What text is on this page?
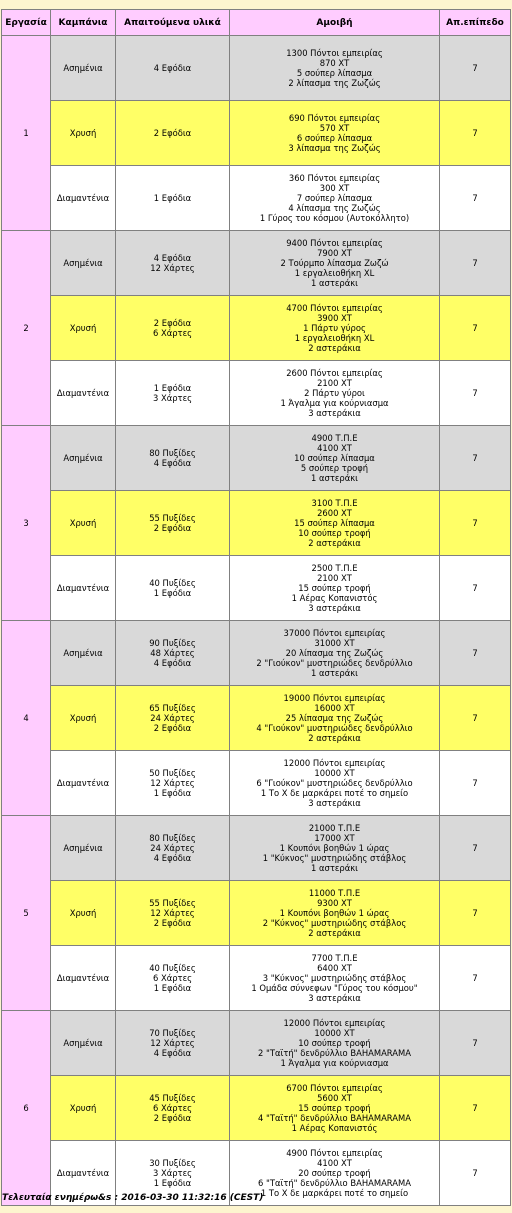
Εργασία	Καμπάνια	Απαιτούμενα υλικά	Αμοιβή	Απ.επίπεδο
1	Ασημένια	4 Εφόδια	1300 Πόντοι εμπειρίας
870 ΧΤ
5 σούπερ λίπασμα
2 λίπασμα της Ζωζώς	7
	Χρυσή	2 Εφόδια	690 Πόντοι εμπειρίας
570 ΧΤ
6 σούπερ λίπασμα
3 λίπασμα της Ζωζώς	7
	Διαμαντένια	1 Εφόδια	360 Πόντοι εμπειρίας
300 ΧΤ
7 σούπερ λίπασμα
4 λίπασμα της Ζωζώς
1 Γύρος του κόσμου (Αυτοκόλλητο)	7
2	Ασημένια	4 Εφόδια
12 Χάρτες	9400 Πόντοι εμπειρίας
7900 ΧΤ
2 Τούρμπο λίπασμα Ζωζώ
1 εργαλειοθήκη XL
1 αστεράκι	7
	Χρυσή	2 Εφόδια
6 Χάρτες	4700 Πόντοι εμπειρίας
3900 ΧΤ
1 Πάρτυ γύρος
1 εργαλειοθήκη XL
2 αστεράκια	7
	Διαμαντένια	1 Εφόδια
3 Χάρτες	2600 Πόντοι εμπειρίας
2100 ΧΤ
2 Πάρτυ γύροι
1 Άγαλμα για κούρνιασμα
3 αστεράκια	7
3	Ασημένια	80 Πυξίδες
4 Εφόδια	4900 Τ.Π.Ε
4100 ΧΤ
10 σούπερ λίπασμα
5 σούπερ τροφή
1 αστεράκι	7
	Χρυσή	55 Πυξίδες
2 Εφόδια	3100 Τ.Π.Ε
2600 ΧΤ
15 σούπερ λίπασμα
10 σούπερ τροφή
2 αστεράκια	7
	Διαμαντένια	40 Πυξίδες
1 Εφόδια	2500 Τ.Π.Ε
2100 ΧΤ
15 σούπερ τροφή
1 Αέρας Κοπανιστός
3 αστεράκια	7
4	Ασημένια	90 Πυξίδες
48 Χάρτες
4 Εφόδια	37000 Πόντοι εμπειρίας
31000 ΧΤ
20 λίπασμα της Ζωζώς
2 "Γιούκον" μυστηριώδες δενδρύλλιο
1 αστεράκι	7
	Χρυσή	65 Πυξίδες
24 Χάρτες
2 Εφόδια	19000 Πόντοι εμπειρίας
16000 ΧΤ
25 λίπασμα της Ζωζώς
4 "Γιούκον" μυστηριώδες δενδρύλλιο
2 αστεράκια	7
	Διαμαντένια	50 Πυξίδες
12 Χάρτες
1 Εφόδια	12000 Πόντοι εμπειρίας
10000 ΧΤ
6 "Γιούκον" μυστηριώδες δενδρύλλιο
1 Το Χ δε μαρκάρει ποτέ το σημείο
3 αστεράκια	7
5	Ασημένια	80 Πυξίδες
24 Χάρτες
4 Εφόδια	21000 Τ.Π.Ε
17000 ΧΤ
1 Κουπόνι βοηθών 1 ώρας
1 "Κύκνος" μυστηριώδης στάβλος
1 αστεράκι	7
	Χρυσή	55 Πυξίδες
12 Χάρτες
2 Εφόδια	11000 Τ.Π.Ε
9300 ΧΤ
1 Κουπόνι βοηθών 1 ώρας
2 "Κύκνος" μυστηριώδης στάβλος
2 αστεράκια	7
	Διαμαντένια	40 Πυξίδες
6 Χάρτες
1 Εφόδια	7700 Τ.Π.Ε
6400 ΧΤ
3 "Κύκνος" μυστηριώδης στάβλος
1 Ομάδα σύννεφων "Γύρος του κόσμου"
3 αστεράκια	7
6	Ασημένια	70 Πυξίδες
12 Χάρτες
4 Εφόδια	12000 Πόντοι εμπειρίας
10000 ΧΤ
10 σούπερ τροφή
2 "Ταϊτή" δενδρύλλιο BAHAMARAMA
1 Άγαλμα για κούρνιασμα	7
	Χρυσή	45 Πυξίδες
6 Χάρτες
2 Εφόδια	6700 Πόντοι εμπειρίας
5600 ΧΤ
15 σούπερ τροφή
4 "Ταϊτή" δενδρύλλιο BAHAMARAMA
1 Αέρας Κοπανιστός	7
	Διαμαντένια	30 Πυξίδες
3 Χάρτες
1 Εφόδια	4900 Πόντοι εμπειρίας
4100 ΧΤ
20 σούπερ τροφή
6 "Ταϊτή" δενδρύλλιο BAHAMARAMA
1 Το Χ δε μαρκάρει ποτέ το σημείο	7
Τελευταία ενημέρω&s : 2016-03-30 11:32:16 (CEST)
